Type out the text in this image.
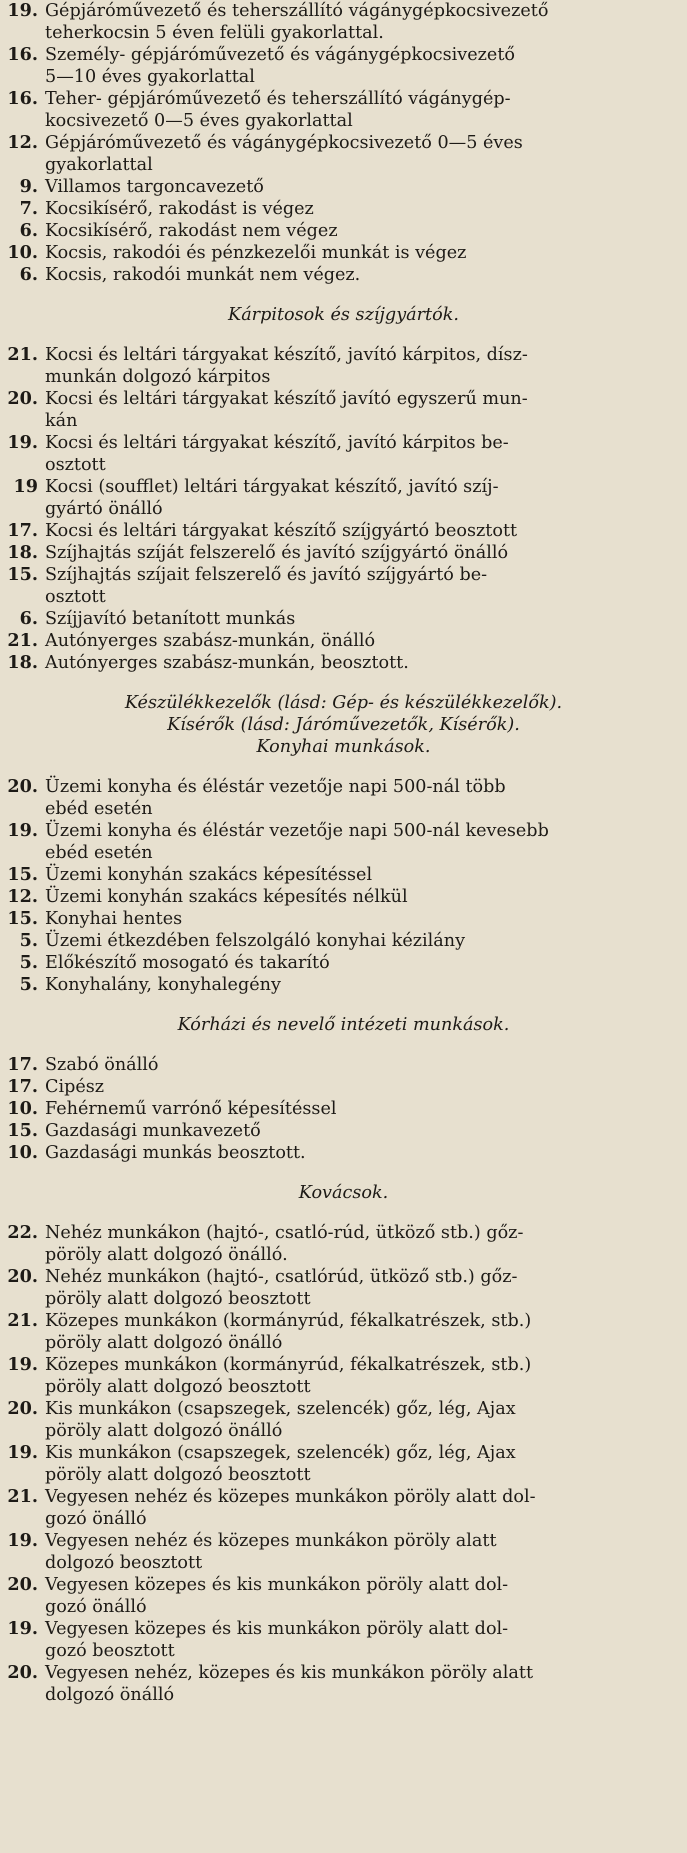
19. Gépjáróművezető és teherszállító vágánygépkocsivezető
teherkocsin 5 éven felüli gyakorlattal.
16. Személy- gépjáróművezető és vágánygépkocsivezető
5—10 éves gyakorlattal
16. Teher- gépjáróművezető és teherszállító vágánygép-
kocsivezető 0—5 éves gyakorlattal
12. Gépjáróművezető és vágánygépkocsivezető 0—5 éves
gyakorlattal
9. Villamos targoncavezető
7. Kocsikísérő, rakodást is végez
6. Kocsikísérő, rakodást nem végez
10. Kocsis, rakodói és pénzkezelői munkát is végez
6. Kocsis, rakodói munkát nem végez.
Kárpitosok és szíjgyártók.
21. Kocsi és leltári tárgyakat készítő, javító kárpitos, dísz-
munkán dolgozó kárpitos
20. Kocsi és leltári tárgyakat készítő javító egyszerű mun-
kán
19. Kocsi és leltári tárgyakat készítő, javító kárpitos be-
osztott
19 Kocsi (soufflet) leltári tárgyakat készítő, javító szíj-
gyártó önálló
17. Kocsi és leltári tárgyakat készítő szíjgyártó beosztott
18. Szíjhajtás szíját felszerelő és javító szíjgyártó önálló
15. Szíjhajtás szíjait felszerelő és javító szíjgyártó be-
osztott
6. Szíjjavító betanított munkás
21. Autónyerges szabász-munkán, önálló
18. Autónyerges szabász-munkán, beosztott.
Készülékkezelők (lásd: Gép- és készülékkezelők).
Kísérők (lásd: Járóművezetők, Kísérők).
Konyhai munkások.
20. Üzemi konyha és éléstár vezetője napi 500-nál több
ebéd esetén
19. Üzemi konyha és éléstár vezetője napi 500-nál kevesebb
ebéd esetén
15. Üzemi konyhán szakács képesítéssel
12. Üzemi konyhán szakács képesítés nélkül
15. Konyhai hentes
5. Üzemi étkezdében felszolgáló konyhai kézilány
5. Előkészítő mosogató és takarító
5. Konyhalány, konyhalegény
Kórházi és nevelő intézeti munkások.
17. Szabó önálló
17. Cipész
10. Fehérnemű varrónő képesítéssel
15. Gazdasági munkavezető
10. Gazdasági munkás beosztott.
Kovácsok.
22. Nehéz munkákon (hajtó-, csatló-rúd, ütköző stb.) gőz-
pöröly alatt dolgozó önálló.
20. Nehéz munkákon (hajtó-, csatlórúd, ütköző stb.) gőz-
pöröly alatt dolgozó beosztott
21. Közepes munkákon (kormányrúd, fékalkatrészek, stb.)
pöröly alatt dolgozó önálló
19. Közepes munkákon (kormányrúd, fékalkatrészek, stb.)
pöröly alatt dolgozó beosztott
20. Kis munkákon (csapszegek, szelencék) gőz, lég, Ajax
pöröly alatt dolgozó önálló
19. Kis munkákon (csapszegek, szelencék) gőz, lég, Ajax
pöröly alatt dolgozó beosztott
21. Vegyesen nehéz és közepes munkákon pöröly alatt dol-
gozó önálló
19. Vegyesen nehéz és közepes munkákon pöröly alatt
dolgozó beosztott
20. Vegyesen közepes és kis munkákon pöröly alatt dol-
gozó önálló
19. Vegyesen közepes és kis munkákon pöröly alatt dol-
gozó beosztott
20. Vegyesen nehéz, közepes és kis munkákon pöröly alatt
dolgozó önálló
